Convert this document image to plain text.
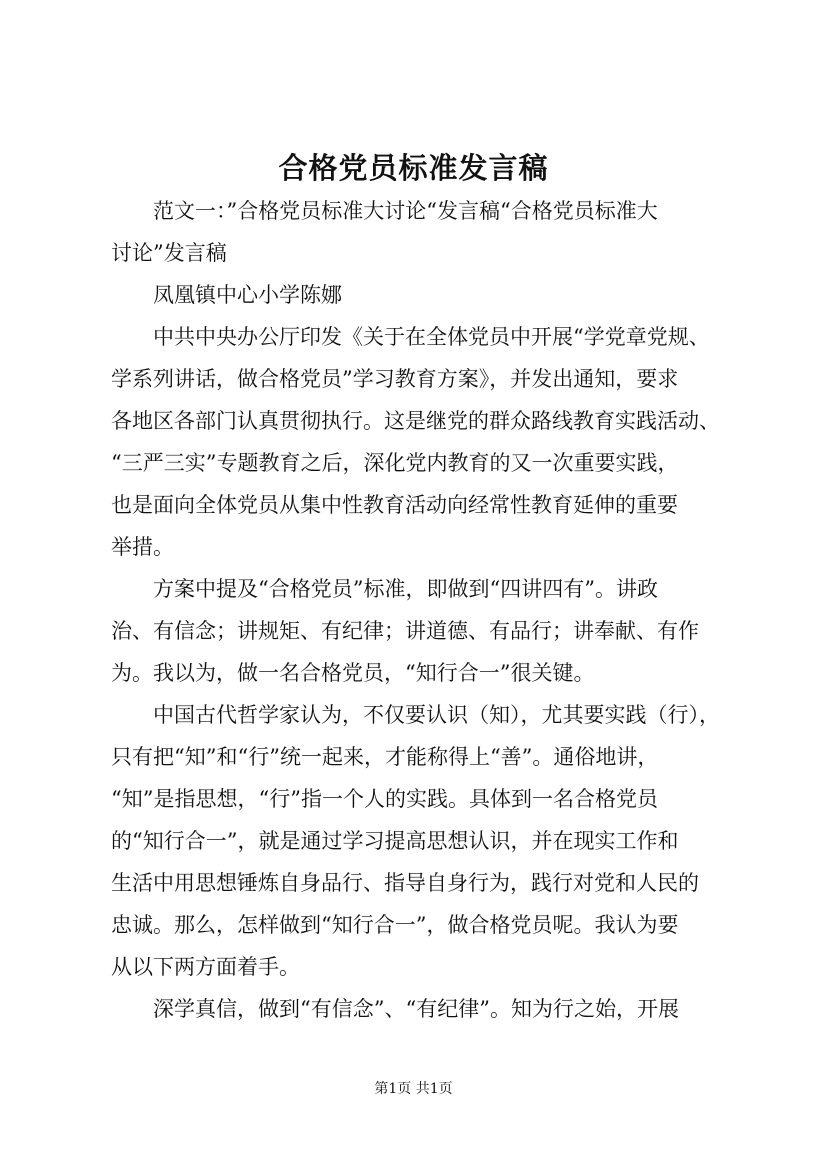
合格党员标准发言稿

范文一：”合格党员标准大讨论“发言稿“合格党员标准大
讨论”发言稿

凤凰镇中心小学陈娜

中共中央办公厅印发《关于在全体党员中开展“学党章党规、
学系列讲话，做合格党员”学习教育方案》，并发出通知，要求
各地区各部门认真贯彻执行。这是继党的群众路线教育实践活动、
“三严三实”专题教育之后，深化党内教育的又一次重要实践，
也是面向全体党员从集中性教育活动向经常性教育延伸的重要
举措。

方案中提及“合格党员”标准，即做到“四讲四有”。讲政
治、有信念；讲规矩、有纪律；讲道德、有品行；讲奉献、有作
为。我以为，做一名合格党员，“知行合一”很关键。

中国古代哲学家认为，不仅要认识（知），尤其要实践（行），
只有把“知”和“行”统一起来，才能称得上“善”。通俗地讲，
“知”是指思想，“行”指一个人的实践。具体到一名合格党员
的“知行合一”，就是通过学习提高思想认识，并在现实工作和
生活中用思想锤炼自身品行、指导自身行为，践行对党和人民的
忠诚。那么，怎样做到“知行合一”，做合格党员呢。我认为要
从以下两方面着手。

深学真信，做到“有信念”、“有纪律”。知为行之始，开展

第1页 共1页
